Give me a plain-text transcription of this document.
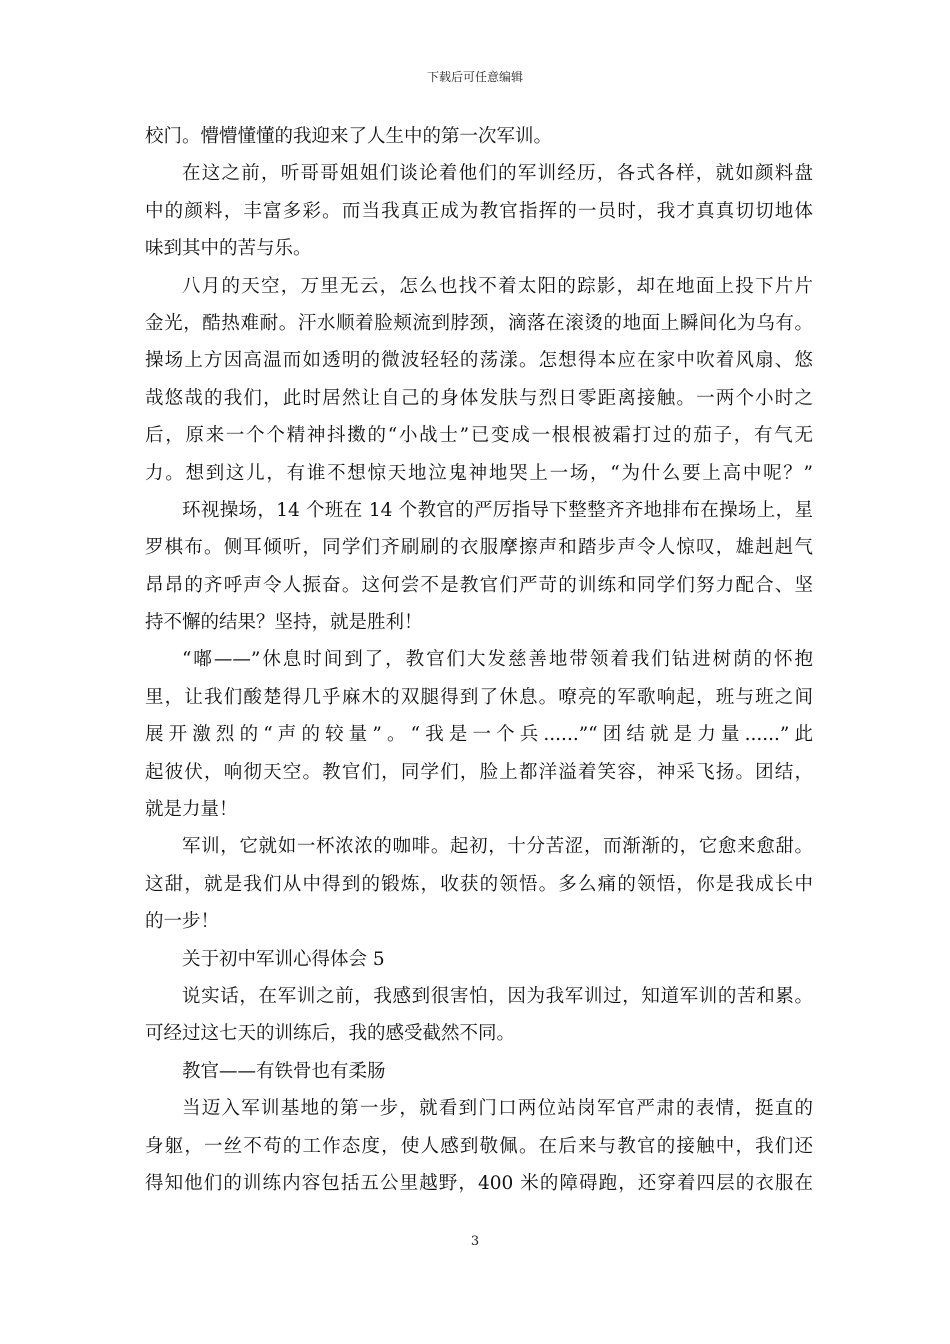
下载后可任意编辑
校门。懵懵懂懂的我迎来了人生中的第一次军训。
在这之前，听哥哥姐姐们谈论着他们的军训经历，各式各样，就如颜料盘
中的颜料，丰富多彩。而当我真正成为教官指挥的一员时，我才真真切切地体
味到其中的苦与乐。
八月的天空，万里无云，怎么也找不着太阳的踪影，却在地面上投下片片
金光，酷热难耐。汗水顺着脸颊流到脖颈，滴落在滚烫的地面上瞬间化为乌有。
操场上方因高温而如透明的微波轻轻的荡漾。怎想得本应在家中吹着风扇、悠
哉悠哉的我们，此时居然让自己的身体发肤与烈日零距离接触。一两个小时之
后，原来一个个精神抖擞的“小战士”已变成一根根被霜打过的茄子，有气无
力。想到这儿，有谁不想惊天地泣鬼神地哭上一场，“为什么要上高中呢？”
环视操场，14 个班在 14 个教官的严厉指导下整整齐齐地排布在操场上，星
罗棋布。侧耳倾听，同学们齐刷刷的衣服摩擦声和踏步声令人惊叹，雄赳赳气
昂昂的齐呼声令人振奋。这何尝不是教官们严苛的训练和同学们努力配合、坚
持不懈的结果？坚持，就是胜利！
“嘟——”休息时间到了，教官们大发慈善地带领着我们钻进树荫的怀抱
里，让我们酸楚得几乎麻木的双腿得到了休息。嘹亮的军歌响起，班与班之间
展开激烈的“声的较量”。“我是一个兵......”“团结就是力量......”此
起彼伏，响彻天空。教官们，同学们，脸上都洋溢着笑容，神采飞扬。团结，
就是力量！
军训，它就如一杯浓浓的咖啡。起初，十分苦涩，而渐渐的，它愈来愈甜。
这甜，就是我们从中得到的锻炼，收获的领悟。多么痛的领悟，你是我成长中
的一步！
关于初中军训心得体会 5
说实话，在军训之前，我感到很害怕，因为我军训过，知道军训的苦和累。
可经过这七天的训练后，我的感受截然不同。
教官——有铁骨也有柔肠
当迈入军训基地的第一步，就看到门口两位站岗军官严肃的表情，挺直的
身躯，一丝不苟的工作态度，使人感到敬佩。在后来与教官的接触中，我们还
得知他们的训练内容包括五公里越野，400 米的障碍跑，还穿着四层的衣服在
3
